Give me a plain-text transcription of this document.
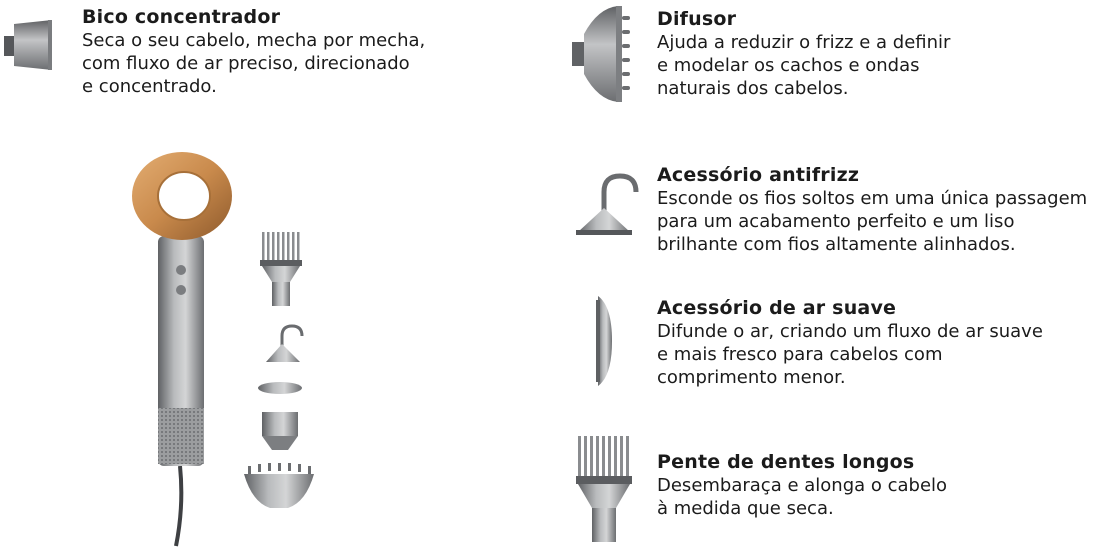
Bico concentrador

Seca o seu cabelo, mecha por mecha,
com fluxo de ar preciso, direcionado
e concentrado.

Difusor

Ajuda a reduzir o frizz e a definir
e modelar os cachos e ondas
naturais dos cabelos.

Acessório antifrizz

Esconde os fios soltos em uma única passagem
para um acabamento perfeito e um liso
brilhante com fios altamente alinhados.

Acessório de ar suave

Difunde o ar, criando um fluxo de ar suave
e mais fresco para cabelos com
comprimento menor.

Pente de dentes longos

Desembaraça e alonga o cabelo
à medida que seca.
